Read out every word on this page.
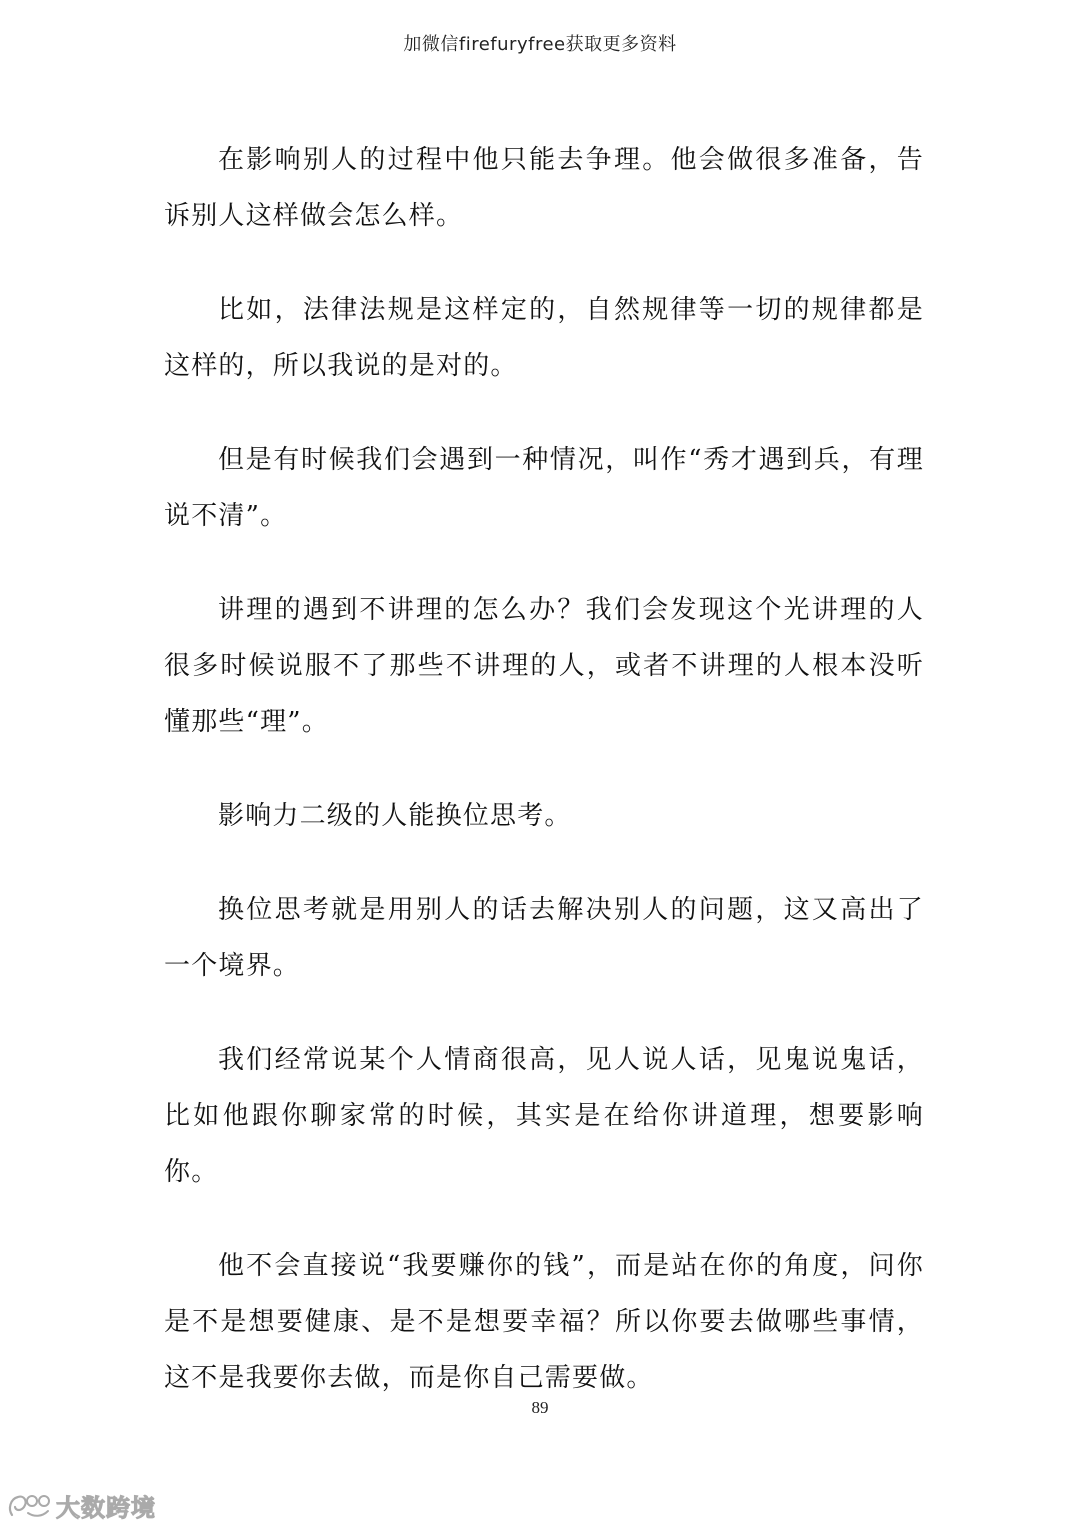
加微信firefuryfree获取更多资料

在影响别人的过程中他只能去争理。他会做很多准备，告诉别人这样做会怎么样。

比如，法律法规是这样定的，自然规律等一切的规律都是这样的，所以我说的是对的。

但是有时候我们会遇到一种情况，叫作“秀才遇到兵，有理说不清”。

讲理的遇到不讲理的怎么办？我们会发现这个光讲理的人很多时候说服不了那些不讲理的人，或者不讲理的人根本没听懂那些“理”。

影响力二级的人能换位思考。

换位思考就是用别人的话去解决别人的问题，这又高出了一个境界。

我们经常说某个人情商很高，见人说人话，见鬼说鬼话，比如他跟你聊家常的时候，其实是在给你讲道理，想要影响你。

他不会直接说“我要赚你的钱”，而是站在你的角度，问你是不是想要健康、是不是想要幸福？所以你要去做哪些事情，这不是我要你去做，而是你自己需要做。

89
大数跨境
